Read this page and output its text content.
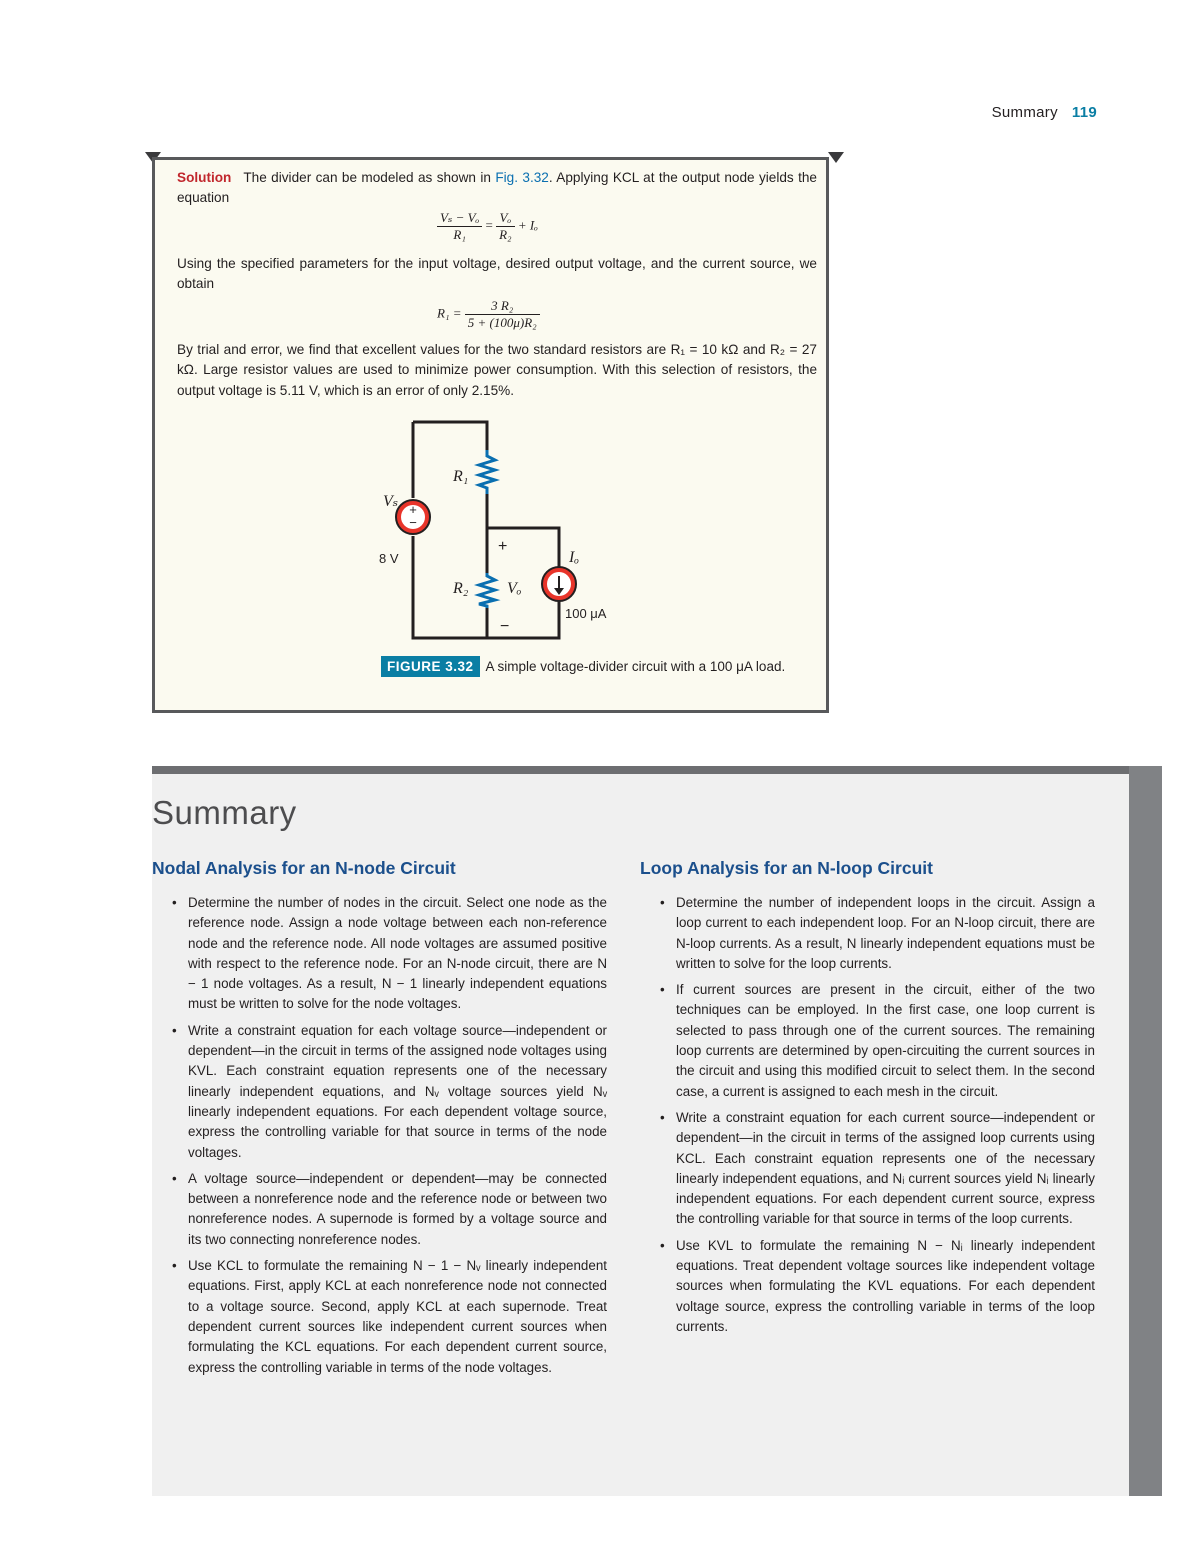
Summary 119
Solution The divider can be modeled as shown in Fig. 3.32. Applying KCL at the output node yields the equation
$\frac{\text{Vₛ − Vₒ}}{\text{R₁}} = \frac{\text{Vₒ}}{\text{R₂}} + I_o$
Using the specified parameters for the input voltage, desired output voltage, and the current source, we obtain
$R_1 = \frac{\text{3 R₂}}{\text{5 + (100μ)R₂}}$
By trial and error, we find that excellent values for the two standard resistors are R₁ = 10 kΩ and R₂ = 27 kΩ. Large resistor values are used to minimize power consumption. With this selection of resistors, the output voltage is 5.11 V, which is an error of only 2.15%.
+
−
Vₛ
8 V
R₁
R₂ Vₒ
+
−
Iₒ
100 μA
FIGURE 3.32 A simple voltage-divider circuit with a 100 μA load.
Summary
Nodal Analysis for an N-node Circuit
• Determine the number of nodes in the circuit. Select one node as the reference node. Assign a node voltage between each non-reference node and the reference node. All node voltages are assumed positive with respect to the reference node. For an N-node circuit, there are N − 1 node voltages. As a result, N − 1 linearly independent equations must be written to solve for the node voltages.
• Write a constraint equation for each voltage source—independent or dependent—in the circuit in terms of the assigned node voltages using KVL. Each constraint equation represents one of the necessary linearly independent equations, and Nᵥ voltage sources yield Nᵥ linearly independent equations. For each dependent voltage source, express the controlling variable for that source in terms of the node voltages.
• A voltage source—independent or dependent—may be connected between a nonreference node and the reference node or between two nonreference nodes. A supernode is formed by a voltage source and its two connecting nonreference nodes.
• Use KCL to formulate the remaining N − 1 − Nᵥ linearly independent equations. First, apply KCL at each nonreference node not connected to a voltage source. Second, apply KCL at each supernode. Treat dependent current sources like independent current sources when formulating the KCL equations. For each dependent current source, express the controlling variable in terms of the node voltages.
Loop Analysis for an N-loop Circuit
• Determine the number of independent loops in the circuit. Assign a loop current to each independent loop. For an N-loop circuit, there are N-loop currents. As a result, N linearly independent equations must be written to solve for the loop currents.
• If current sources are present in the circuit, either of the two techniques can be employed. In the first case, one loop current is selected to pass through one of the current sources. The remaining loop currents are determined by open-circuiting the current sources in the circuit and using this modified circuit to select them. In the second case, a current is assigned to each mesh in the circuit.
• Write a constraint equation for each current source—independent or dependent—in the circuit in terms of the assigned loop currents using KCL. Each constraint equation represents one of the necessary linearly independent equations, and Nᵢ current sources yield Nᵢ linearly independent equations. For each dependent current source, express the controlling variable for that source in terms of the loop currents.
• Use KVL to formulate the remaining N − Nᵢ linearly independent equations. Treat dependent voltage sources like independent voltage sources when formulating the KVL equations. For each dependent voltage source, express the controlling variable in terms of the loop currents.
